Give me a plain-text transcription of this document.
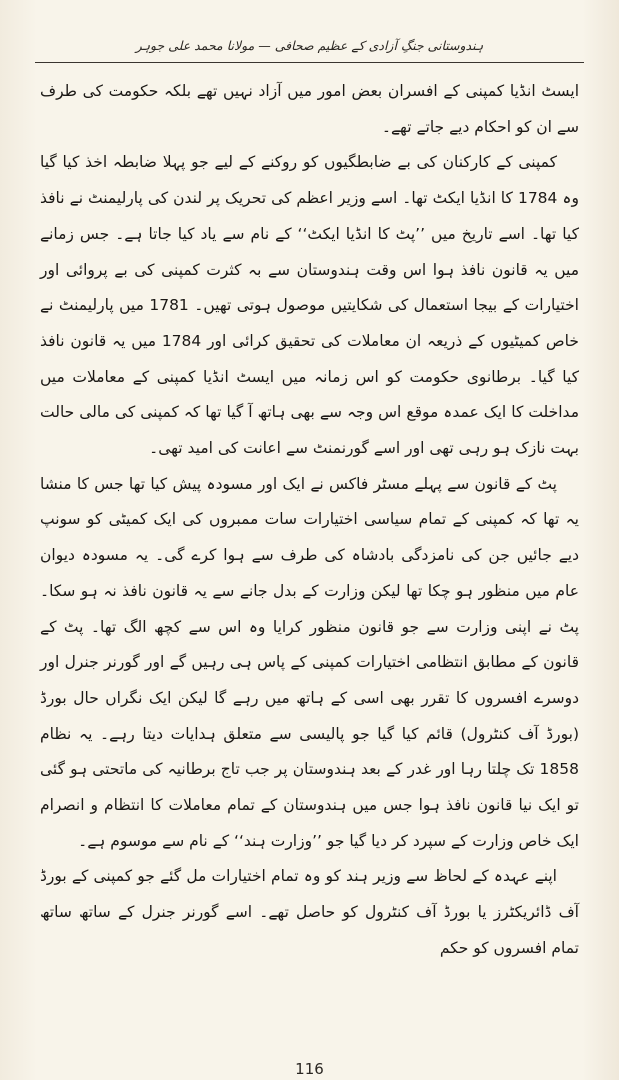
ہندوستانی جنگِ آزادی کے عظیم صحافی — مولانا محمد علی جوہر

ایسٹ انڈیا کمپنی کے افسران بعض امور میں آزاد نہیں تھے بلکہ حکومت کی طرف سے ان کو احکام دیے جاتے تھے۔

کمپنی کے کارکنان کی بے ضابطگیوں کو روکنے کے لیے جو پہلا ضابطہ اخذ کیا گیا وہ 1784 کا انڈیا ایکٹ تھا۔ اسے وزیر اعظم کی تحریک پر لندن کی پارلیمنٹ نے نافذ کیا تھا۔ اسے تاریخ میں ’’پٹ کا انڈیا ایکٹ‘‘ کے نام سے یاد کیا جاتا ہے۔ جس زمانے میں یہ قانون نافذ ہوا اس وقت ہندوستان سے بہ کثرت کمپنی کی بے پروائی اور اختیارات کے بیجا استعمال کی شکایتیں موصول ہوتی تھیں۔ 1781 میں پارلیمنٹ نے خاص کمیٹیوں کے ذریعہ ان معاملات کی تحقیق کرائی اور 1784 میں یہ قانون نافذ کیا گیا۔ برطانوی حکومت کو اس زمانہ میں ایسٹ انڈیا کمپنی کے معاملات میں مداخلت کا ایک عمدہ موقع اس وجہ سے بھی ہاتھ آ گیا تھا کہ کمپنی کی مالی حالت بہت نازک ہو رہی تھی اور اسے گورنمنٹ سے اعانت کی امید تھی۔

پٹ کے قانون سے پہلے مسٹر فاکس نے ایک اور مسودہ پیش کیا تھا جس کا منشا یہ تھا کہ کمپنی کے تمام سیاسی اختیارات سات ممبروں کی ایک کمیٹی کو سونپ دیے جائیں جن کی نامزدگی بادشاہ کی طرف سے ہوا کرے گی۔ یہ مسودہ دیوان عام میں منظور ہو چکا تھا لیکن وزارت کے بدل جانے سے یہ قانون نافذ نہ ہو سکا۔ پٹ نے اپنی وزارت سے جو قانون منظور کرایا وہ اس سے کچھ الگ تھا۔ پٹ کے قانون کے مطابق انتظامی اختیارات کمپنی کے پاس ہی رہیں گے اور گورنر جنرل اور دوسرے افسروں کا تقرر بھی اسی کے ہاتھ میں رہے گا لیکن ایک نگراں حال بورڈ (بورڈ آف کنٹرول) قائم کیا گیا جو پالیسی سے متعلق ہدایات دیتا رہے۔ یہ نظام 1858 تک چلتا رہا اور غدر کے بعد ہندوستان پر جب تاج برطانیہ کی ماتحتی ہو گئی تو ایک نیا قانون نافذ ہوا جس میں ہندوستان کے تمام معاملات کا انتظام و انصرام ایک خاص وزارت کے سپرد کر دیا گیا جو ’’وزارت ہند‘‘ کے نام سے موسوم ہے۔

اپنے عہدہ کے لحاظ سے وزیر ہند کو وہ تمام اختیارات مل گئے جو کمپنی کے بورڈ آف ڈائریکٹرز یا بورڈ آف کنٹرول کو حاصل تھے۔ اسے گورنر جنرل کے ساتھ ساتھ تمام افسروں کو حکم

116
